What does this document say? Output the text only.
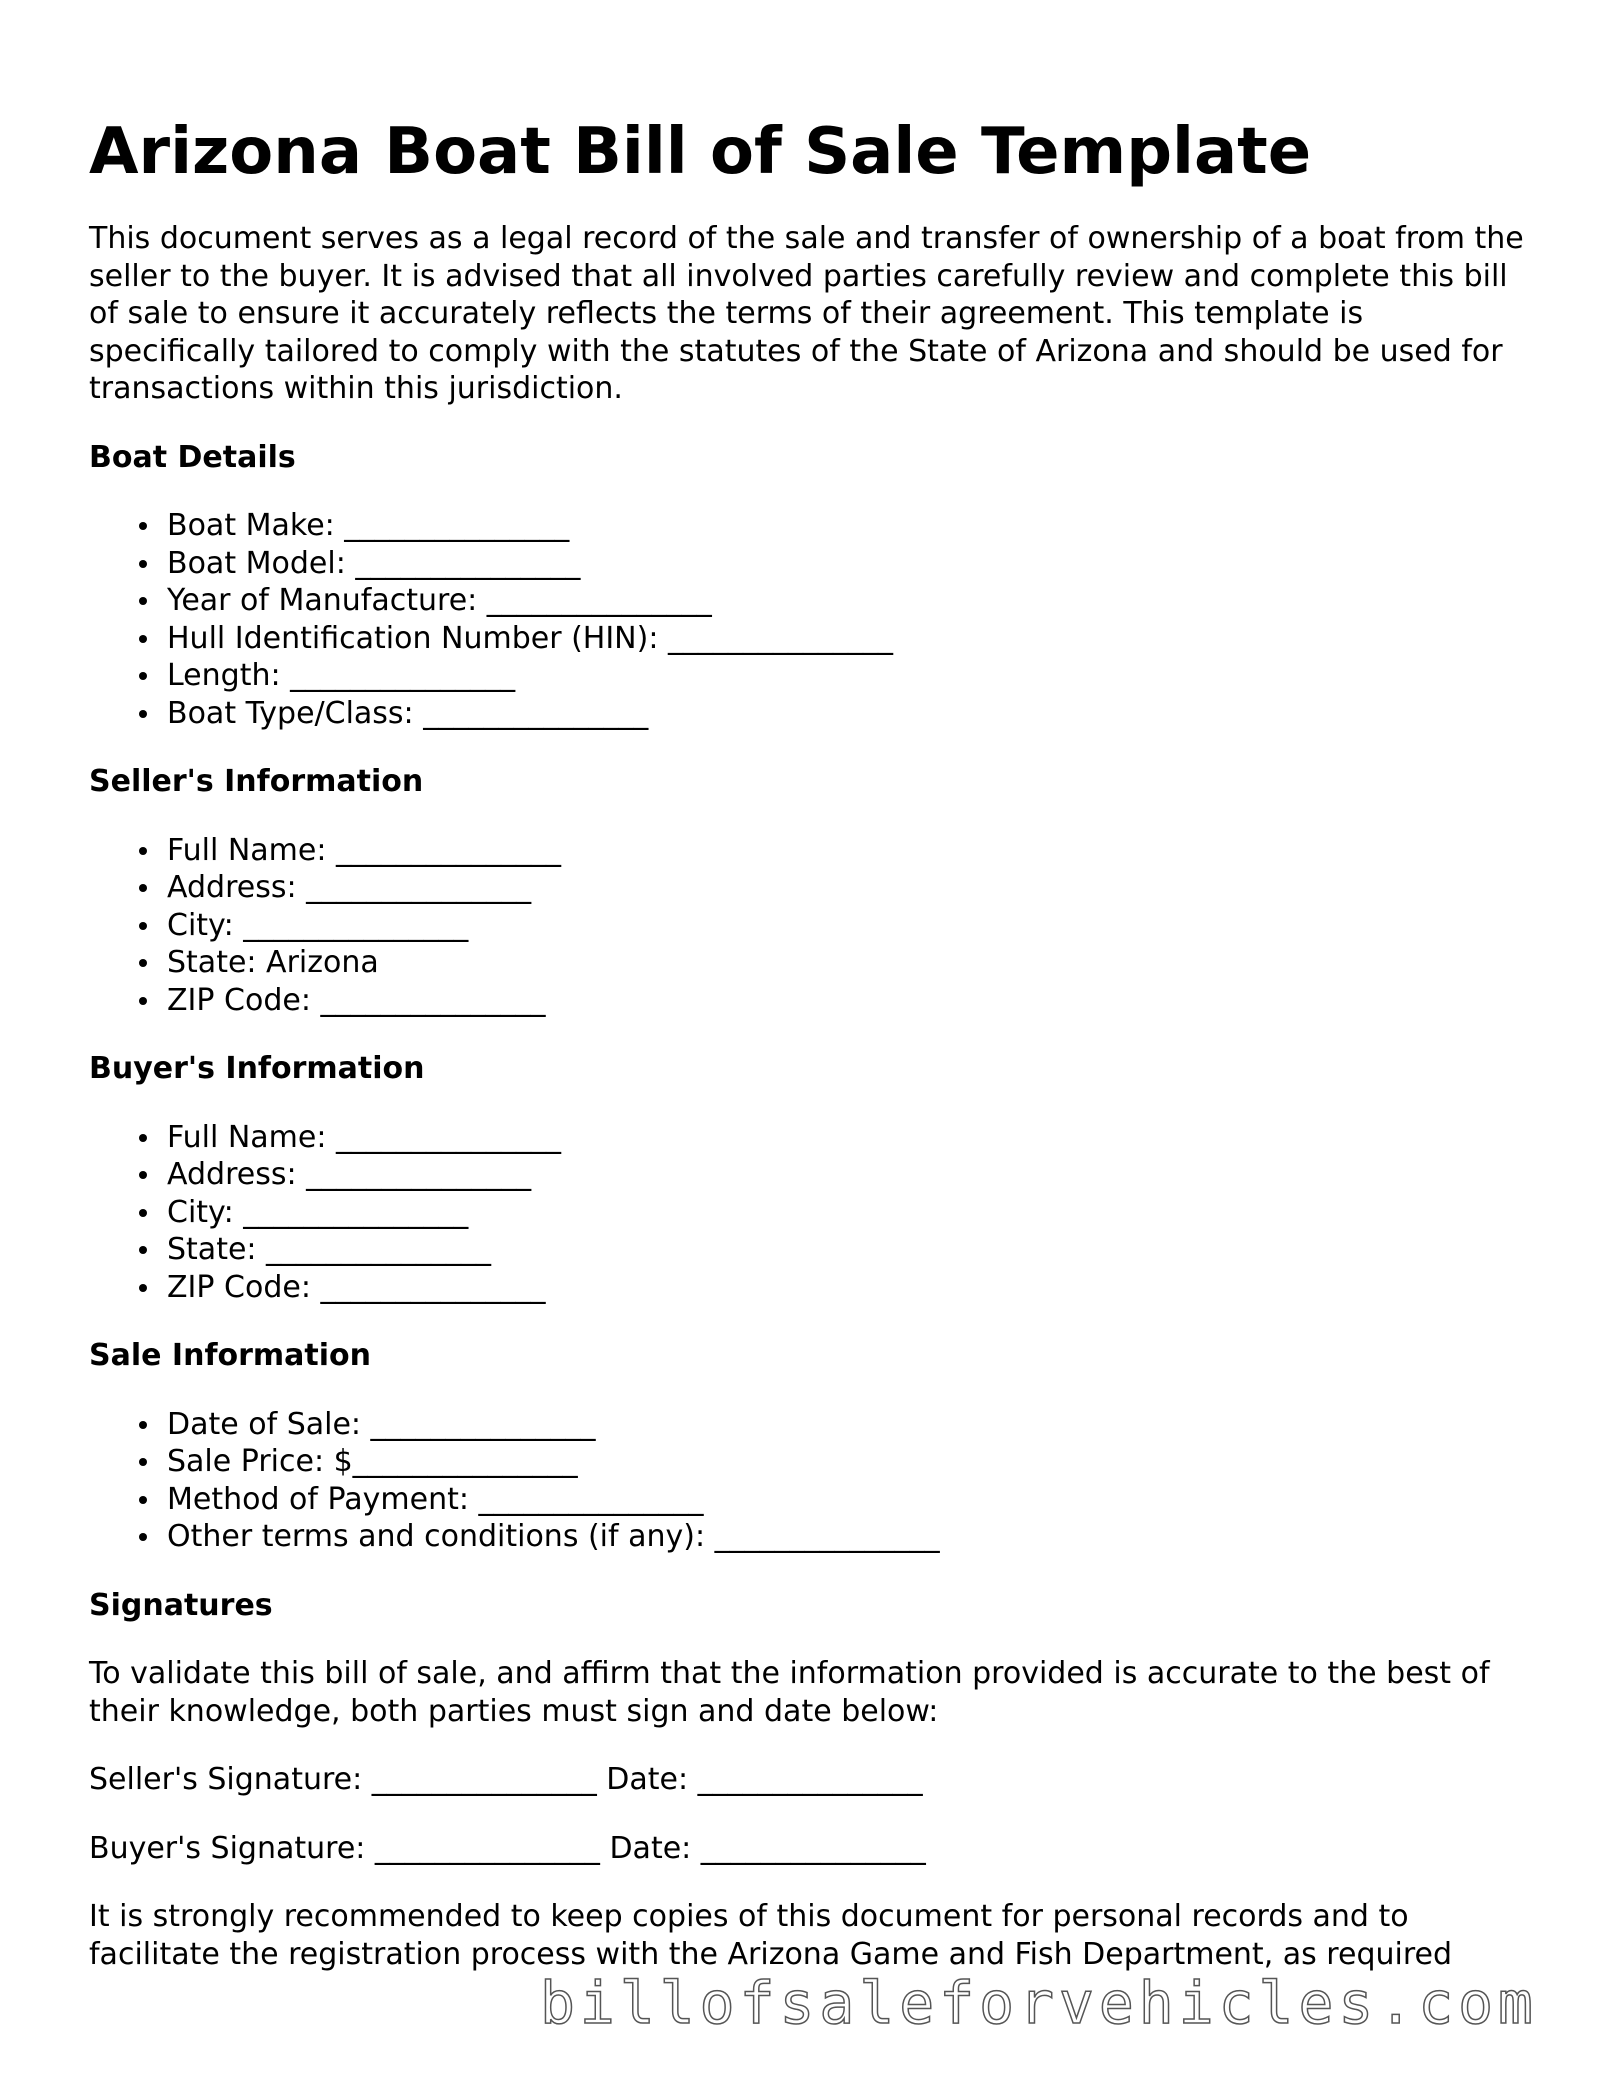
Arizona Boat Bill of Sale Template

This document serves as a legal record of the sale and transfer of ownership of a boat from the seller to the buyer. It is advised that all involved parties carefully review and complete this bill of sale to ensure it accurately reflects the terms of their agreement. This template is specifically tailored to comply with the statutes of the State of Arizona and should be used for transactions within this jurisdiction.

Boat Details
Boat Make: _______________
Boat Model: _______________
Year of Manufacture: _______________
Hull Identification Number (HIN): _______________
Length: _______________
Boat Type/Class: _______________
Seller's Information
Full Name: _______________
Address: _______________
City: _______________
State: Arizona
ZIP Code: _______________
Buyer's Information
Full Name: _______________
Address: _______________
City: _______________
State: _______________
ZIP Code: _______________
Sale Information
Date of Sale: _______________
Sale Price: $_______________
Method of Payment: _______________
Other terms and conditions (if any): _______________
Signatures

To validate this bill of sale, and affirm that the information provided is accurate to the best of their knowledge, both parties must sign and date below:

Seller's Signature: _______________ Date: _______________
Buyer's Signature: _______________ Date: _______________

It is strongly recommended to keep copies of this document for personal records and to facilitate the registration process with the Arizona Game and Fish Department, as required

billofsaleforvehicles.com
